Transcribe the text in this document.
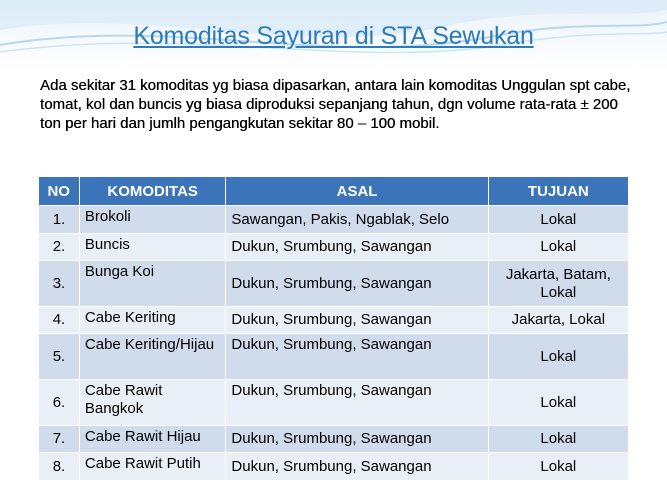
Komoditas Sayuran di STA Sewukan
Ada sekitar 31 komoditas yg biasa dipasarkan, antara lain komoditas Unggulan spt cabe, tomat, kol dan buncis yg biasa diproduksi sepanjang tahun, dgn volume rata-rata ± 200 ton per hari dan jumlh pengangkutan sekitar 80 – 100 mobil.
NO	KOMODITAS	ASAL	TUJUAN
1.	Brokoli	Sawangan, Pakis, Ngablak, Selo	Lokal
2.	Buncis	Dukun, Srumbung, Sawangan	Lokal
3.	Bunga Koi	Dukun, Srumbung, Sawangan	Jakarta, Batam, Lokal
4.	Cabe Keriting	Dukun, Srumbung, Sawangan	Jakarta, Lokal
5.	Cabe Keriting/Hijau	Dukun, Srumbung, Sawangan	Lokal
6.	Cabe Rawit Bangkok	Dukun, Srumbung, Sawangan	Lokal
7.	Cabe Rawit Hijau	Dukun, Srumbung, Sawangan	Lokal
8.	Cabe Rawit Putih	Dukun, Srumbung, Sawangan	Lokal
